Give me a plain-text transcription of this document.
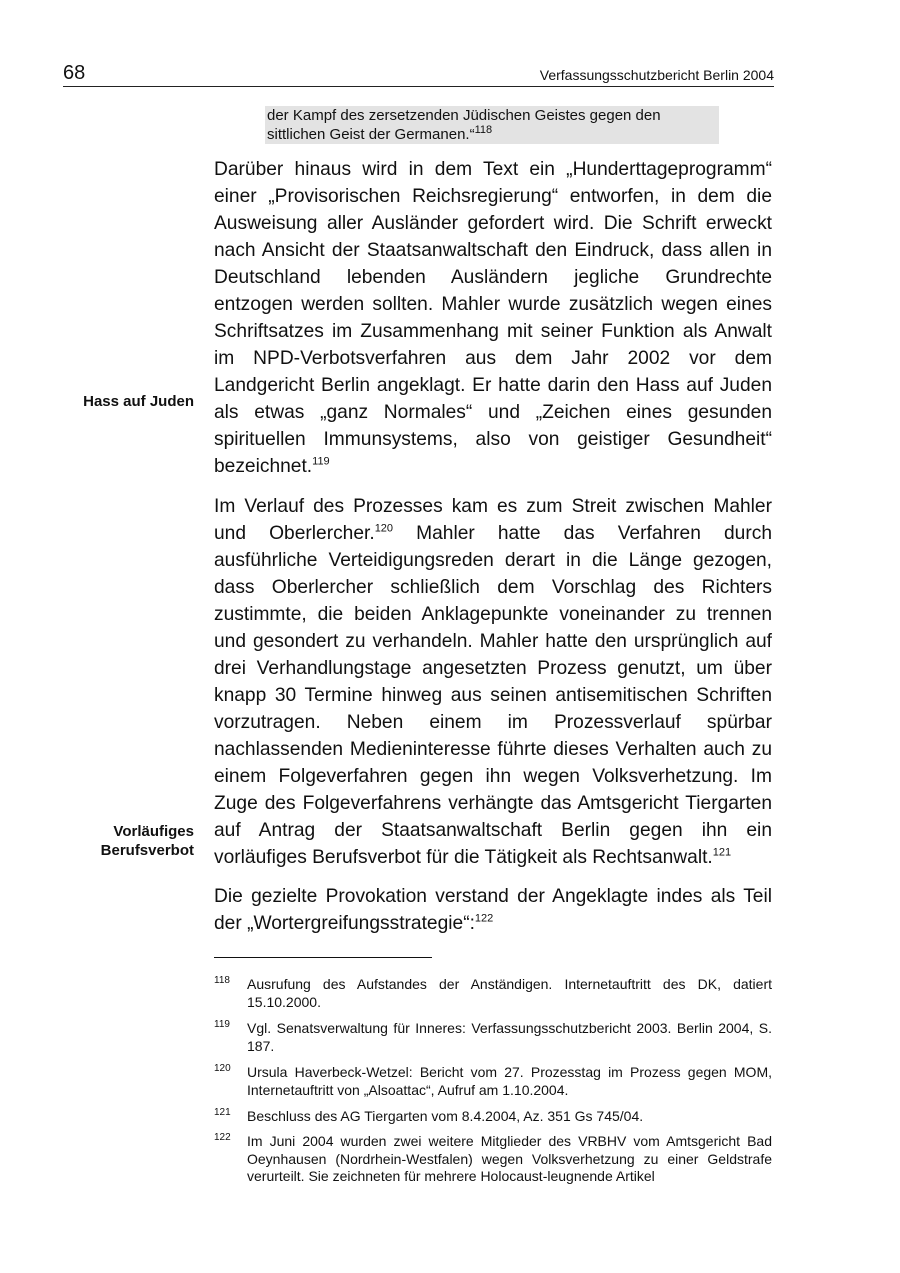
68	Verfassungsschutzbericht Berlin 2004
der Kampf des zersetzenden Jüdischen Geistes gegen den
sittlichen Geist der Germanen.“$^{118}$

Darüber hinaus wird in dem Text ein „Hunderttageprogramm“ einer „Provisorischen Reichsregierung“ entworfen, in dem die Ausweisung aller Ausländer gefordert wird. Die Schrift erweckt nach Ansicht der Staatsanwaltschaft den Eindruck, dass allen in Deutschland lebenden Ausländern jegliche Grundrechte entzogen werden sollten. Mahler wurde zusätzlich wegen eines Schriftsatzes im Zusammenhang mit seiner Funktion als Anwalt im NPD-Verbotsverfahren aus dem Jahr 2002 vor dem Landgericht Berlin angeklagt. Er hatte darin den Hass auf Juden als etwas „ganz Normales“ und „Zeichen eines gesunden spirituellen Immunsystems, also von geistiger Gesundheit“ bezeichnet.$^{119}$

Hass auf Juden

Im Verlauf des Prozesses kam es zum Streit zwischen Mahler und Oberlercher.$^{120}$ Mahler hatte das Verfahren durch ausführliche Verteidigungsreden derart in die Länge gezogen, dass Oberlercher schließlich dem Vorschlag des Richters zustimmte, die beiden Anklagepunkte voneinander zu trennen und gesondert zu verhandeln. Mahler hatte den ursprünglich auf drei Verhandlungstage angesetzten Prozess genutzt, um über knapp 30 Termine hinweg aus seinen antisemitischen Schriften vorzutragen. Neben einem im Prozessverlauf spürbar nachlassenden Medieninteresse führte dieses Verhalten auch zu einem Folgeverfahren gegen ihn wegen Volksverhetzung. Im Zuge des Folgeverfahrens verhängte das Amtsgericht Tiergarten auf Antrag der Staatsanwaltschaft Berlin gegen ihn ein vorläufiges Berufsverbot für die Tätigkeit als Rechtsanwalt.$^{121}$

Vorläufiges
Berufsverbot

Die gezielte Provokation verstand der Angeklagte indes als Teil der „Wortergreifungsstrategie“:$^{122}$

118 Ausrufung des Aufstandes der Anständigen. Internetauftritt des DK, datiert 15.10.2000.
119 Vgl. Senatsverwaltung für Inneres: Verfassungsschutzbericht 2003. Berlin 2004, S. 187.
120 Ursula Haverbeck-Wetzel: Bericht vom 27. Prozesstag im Prozess gegen MOM, Internetauftritt von „Alsoattac“, Aufruf am 1.10.2004.
121 Beschluss des AG Tiergarten vom 8.4.2004, Az. 351 Gs 745/04.
122 Im Juni 2004 wurden zwei weitere Mitglieder des VRBHV vom Amtsgericht Bad Oeynhausen (Nordrhein-Westfalen) wegen Volksverhetzung zu einer Geldstrafe verurteilt. Sie zeichneten für mehrere Holocaust-leugnende Artikel
